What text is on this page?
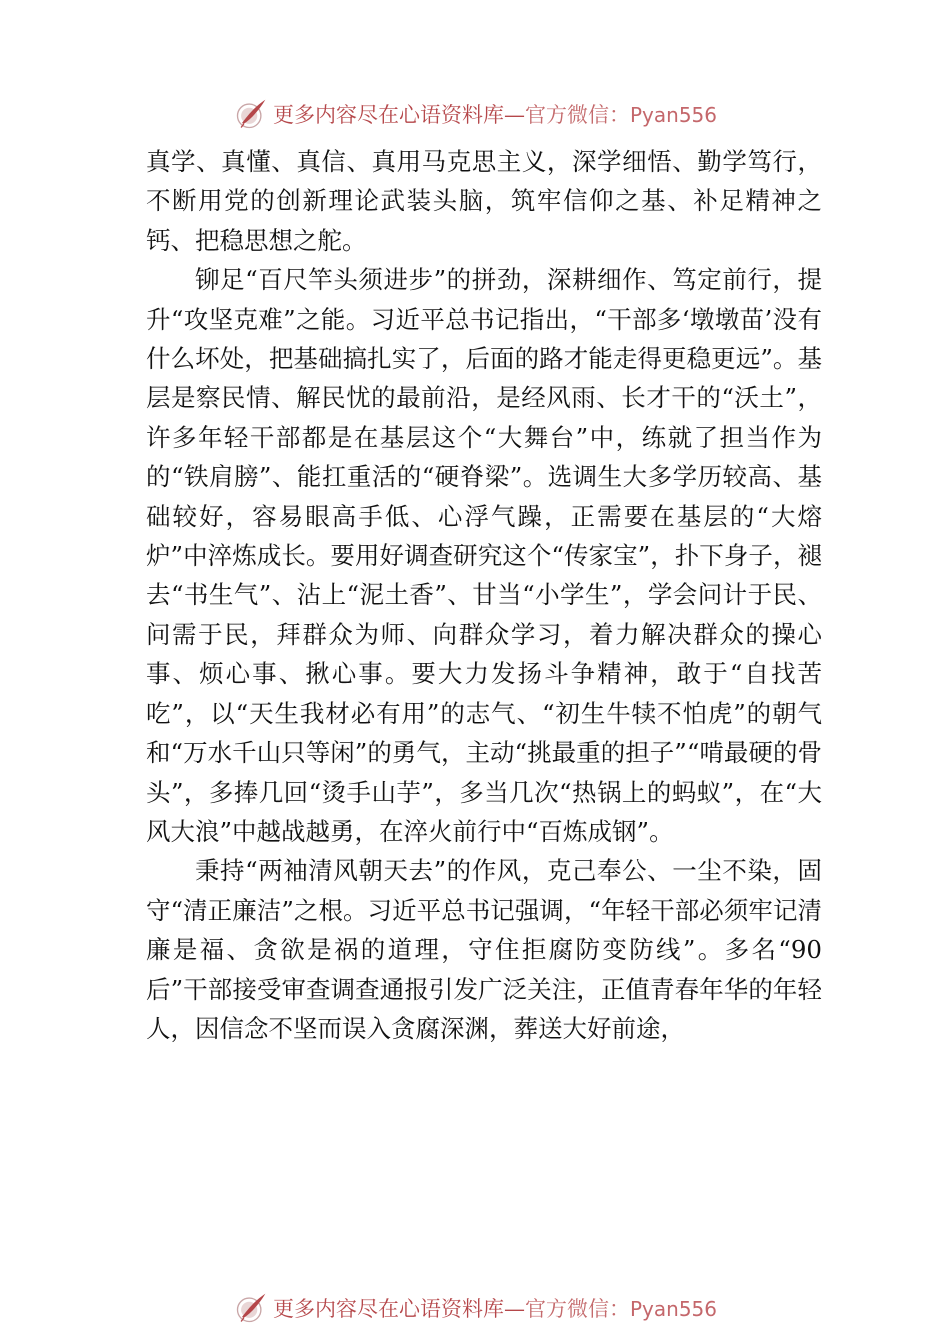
更多内容尽在心语资料库—官方微信：Pyan556

真学、真懂、真信、真用马克思主义，深学细悟、勤学笃行，不断用党的创新理论武装头脑，筑牢信仰之基、补足精神之钙、把稳思想之舵。

铆足“百尺竿头须进步”的拼劲，深耕细作、笃定前行，提升“攻坚克难”之能。习近平总书记指出，“干部多‘墩墩苗’没有什么坏处，把基础搞扎实了，后面的路才能走得更稳更远”。基层是察民情、解民忧的最前沿，是经风雨、长才干的“沃土”，许多年轻干部都是在基层这个“大舞台”中，练就了担当作为的“铁肩膀”、能扛重活的“硬脊梁”。选调生大多学历较高、基础较好，容易眼高手低、心浮气躁，正需要在基层的“大熔炉”中淬炼成长。要用好调查研究这个“传家宝”，扑下身子，褪去“书生气”、沾上“泥土香”、甘当“小学生”，学会问计于民、问需于民，拜群众为师、向群众学习，着力解决群众的操心事、烦心事、揪心事。要大力发扬斗争精神，敢于“自找苦吃”，以“天生我材必有用”的志气、“初生牛犊不怕虎”的朝气和“万水千山只等闲”的勇气，主动“挑最重的担子”“啃最硬的骨头”，多捧几回“烫手山芋”，多当几次“热锅上的蚂蚁”，在“大风大浪”中越战越勇，在淬火前行中“百炼成钢”。

秉持“两袖清风朝天去”的作风，克己奉公、一尘不染，固守“清正廉洁”之根。习近平总书记强调，“年轻干部必须牢记清廉是福、贪欲是祸的道理，守住拒腐防变防线”。多名“90后”干部接受审查调查通报引发广泛关注，正值青春年华的年轻人，因信念不坚而误入贪腐深渊，葬送大好前途，

更多内容尽在心语资料库—官方微信：Pyan556
